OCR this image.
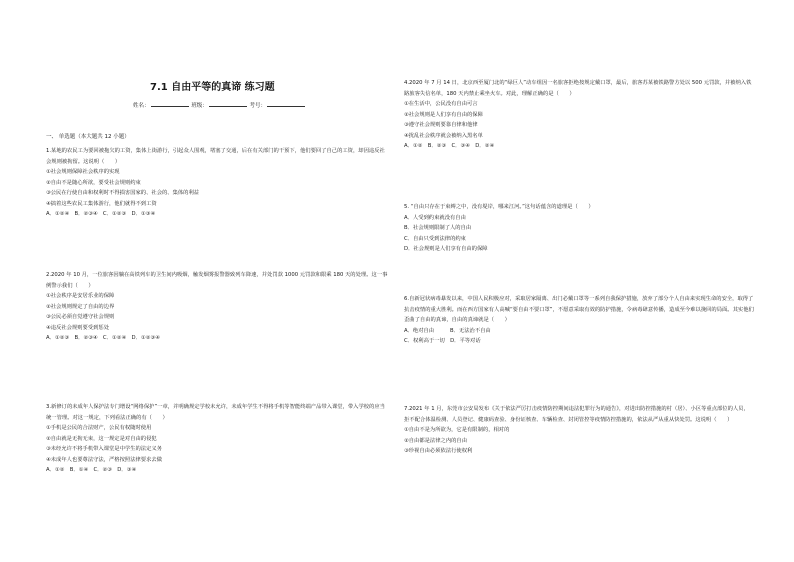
7.1 自由平等的真谛 练习题
姓名：	班级：	考号：
一、 单选题（本大题共 12 小题）
1.某地的农民工为要回被拖欠的工资，集体上街游行，引起众人围观，堵塞了交通，后在有关部门的干预下，他们要回了自己的工资，却因违反社会规则被拘留。这说明（　　）
①社会规则保障社会秩序的实现
②自由不是随心所欲，要受社会规则约束
③公民在行使自由和权利时不得损害国家的、社会的、集体的利益
④搞着这些农民工集体游行，他们就得不到工资
A．①②④　B．②③④　C．①②③　D．①③④
2.2020 年 10 月，一位旅客因躺在高铁列车的卫生间内吸烟，触发烟雾报警器致列车降速，并处罚款 1000 元罚款和限乘 180 天的处理。这一事例警示我们（　　）
①社会秩序是安居乐业的保障
②社会规则规定了自由的边界
③公民必须自觉遵守社会规则
④违反社会规则要受到惩处
A．①②③　B．②③④　C．①②④　D．①②③④
3.新修订的未成年人保护法专门增设“网络保护”一章，并明确规定学校未允许，未成年学生不得将手机等智能终端产品带入课堂，带入学校的应当统一管理。对这一规定，下列看法正确的有（　　）
①手机是公民的合法财产，公民有权随时使用
②自由就是无拘无束，这一规定是对自由的侵犯
③未经允许不将手机带入课堂是中学生的法定义务
④未成年人也要尊法守法，严格按照法律要求去做
A．①②　B．①④　C．②③　D．③④
4.2020 年 7 月 14 日，北京西至厦门北的“绿巨人”动车组因一名旅客拒绝按规定戴口罩，最后，旅客苏某被铁路警方处以 500 元罚款，并被纳入铁路旅客失信名单，180 天内禁止乘坐火车。对此，理解正确的是（　　）
①在生活中，公民没有自由可言
②社会规则是人们享有自由的保障
③遵守社会规则要靠自律和他律
④扰乱社会秩序就会被纳入黑名单
A．①②　B．②③　C．③④　D．②④
5. “自由只存在于束缚之中，没有堤岸，哪来江河。”这句话蕴含的道理是（　　）
A．人受到约束就没有自由
B．社会规则限制了人的自由
C．自由只受到法律的约束
D．社会规则是人们享有自由的保障
6.自新冠状病毒暴发以来，中国人民积极应对，采取居家隔离、出门必戴口罩等一系列自我保护措施，放弃了部分个人自由来实现生命的安全，取得了抗击疫情的重大胜利。而在西方国家有人高喊“要自由不要口罩”，不愿意采取有效的防护措施，令病毒肆意传播，造成至今难以挽回的局面。其实他们歪曲了自由的真谛，自由的真谛就是（　　）
A．绝对自由　　　B．无法治不自由
C．权利高于一切　D．平等对话
7.2021 年 1 月，东莞市公安局发布《关于依法严厉打击疫情防控期间违法犯罪行为的通告》，对进出防控措施的村（居）、小区等重点部位的人员，拒不配合体温检测、人员登记、健康码查验、身份证核查、车辆检查、封闭管控等疫情防控措施的，依法从严从重从快处罚。这说明（　　）
①自由不是为所欲为，它是有限制的，相对的
②自由都是法律之内的自由
③珍视自由必须依法行使权利
